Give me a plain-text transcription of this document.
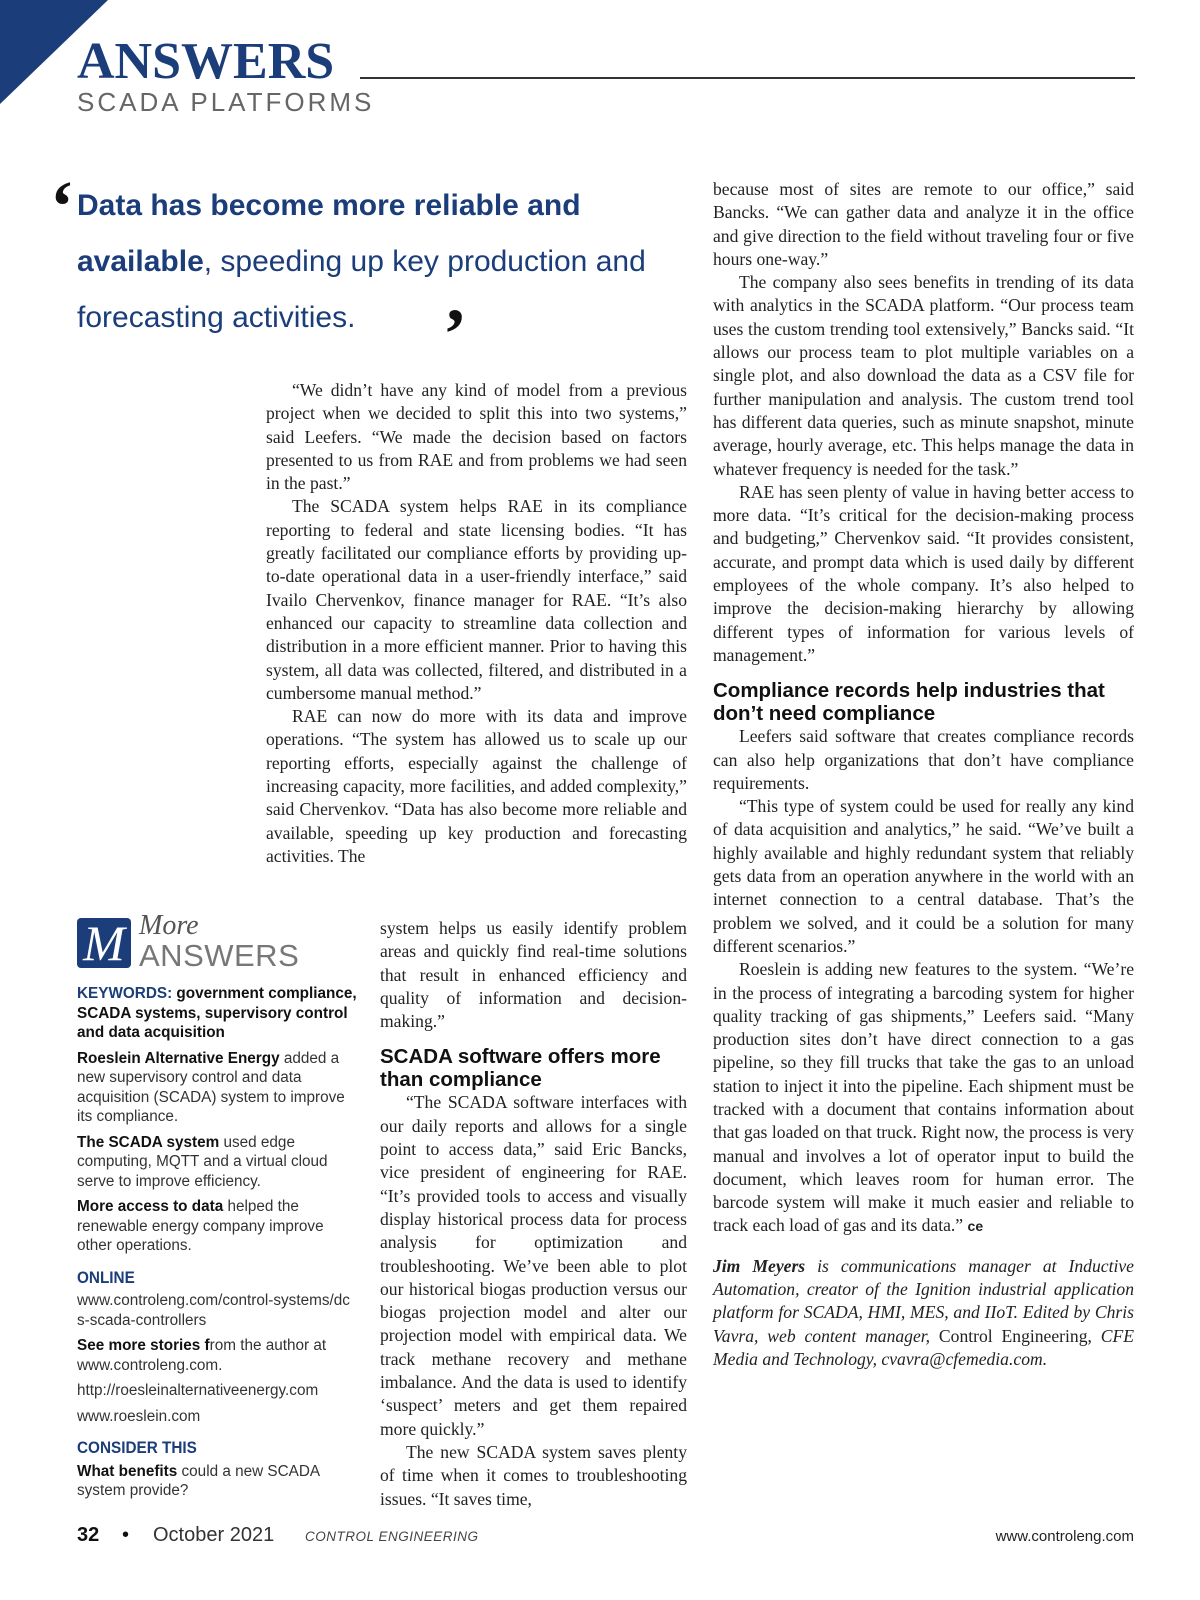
ANSWERS
SCADA PLATFORMS
‘ Data has become more reliable and available, speeding up key production and forecasting activities.	’

“We didn’t have any kind of model from a previous project when we decided to split this into two systems,” said Leefers. “We made the decision based on factors presented to us from RAE and from problems we had seen in the past.”

The SCADA system helps RAE in its compliance reporting to federal and state licensing bodies. “It has greatly facilitated our compliance efforts by providing up-to-date operational data in a user-friendly interface,” said Ivailo Chervenkov, finance manager for RAE. “It’s also enhanced our capacity to streamline data collection and distribution in a more efficient manner. Prior to having this system, all data was collected, filtered, and distributed in a cumbersome manual method.”

RAE can now do more with its data and improve operations. “The system has allowed us to scale up our reporting efforts, especially against the challenge of increasing capacity, more facilities, and added complexity,” said Chervenkov. “Data has also become more reliable and available, speeding up key production and forecasting activities. The

system helps us easily identify problem areas and quickly find real-time solutions that result in enhanced efficiency and quality of information and decision-making.”

SCADA software offers more than compliance

“The SCADA software interfaces with our daily reports and allows for a single point to access data,” said Eric Bancks, vice president of engineering for RAE. “It’s provided tools to access and visually display historical process data for process analysis for optimization and troubleshooting. We’ve been able to plot our historical biogas production versus our biogas projection model and alter our projection model with empirical data. We track methane recovery and methane imbalance. And the data is used to identify ‘suspect’ meters and get them repaired more quickly.”

The new SCADA system saves plenty of time when it comes to troubleshooting issues. “It saves time,

because most of sites are remote to our office,” said Bancks. “We can gather data and analyze it in the office and give direction to the field without traveling four or five hours one-way.”

The company also sees benefits in trending of its data with analytics in the SCADA platform. “Our process team uses the custom trending tool extensively,” Bancks said. “It allows our process team to plot multiple variables on a single plot, and also download the data as a CSV file for further manipulation and analysis. The custom trend tool has different data queries, such as minute snapshot, minute average, hourly average, etc. This helps manage the data in whatever frequency is needed for the task.”

RAE has seen plenty of value in having better access to more data. “It’s critical for the decision-making process and budgeting,” Chervenkov said. “It provides consistent, accurate, and prompt data which is used daily by different employees of the whole company. It’s also helped to improve the decision-making hierarchy by allowing different types of information for various levels of management.”

Compliance records help industries that don’t need compliance

Leefers said software that creates compliance records can also help organizations that don’t have compliance requirements.

“This type of system could be used for really any kind of data acquisition and analytics,” he said. “We’ve built a highly available and highly redundant system that reliably gets data from an operation anywhere in the world with an internet connection to a central database. That’s the problem we solved, and it could be a solution for many different scenarios.”

Roeslein is adding new features to the system. “We’re in the process of integrating a barcoding system for higher quality tracking of gas shipments,” Leefers said. “Many production sites don’t have direct connection to a gas pipeline, so they fill trucks that take the gas to an unload station to inject it into the pipeline. Each shipment must be tracked with a document that contains information about that gas loaded on that truck. Right now, the process is very manual and involves a lot of operator input to build the document, which leaves room for human error. The barcode system will make it much easier and reliable to track each load of gas and its data.” ce

Jim Meyers is communications manager at Inductive Automation, creator of the Ignition industrial application platform for SCADA, HMI, MES, and IIoT. Edited by Chris Vavra, web content manager, Control Engineering, CFE Media and Technology, cvavra@cfemedia.com.

M More
ANSWERS
KEYWORDS: government compliance, SCADA systems, supervisory control and data acquisition
Roeslein Alternative Energy added a new supervisory control and data acquisition (SCADA) system to improve its compliance.
The SCADA system used edge computing, MQTT and a virtual cloud serve to improve efficiency.
More access to data helped the renewable energy company improve other operations.
ONLINE
www.controleng.com/control-systems/dcs-scada-controllers
See more stories from the author at www.controleng.com.
http://roesleinalternativeenergy.com
www.roeslein.com
CONSIDER THIS
What benefits could a new SCADA system provide?
32 • October 2021 CONTROL ENGINEERING	www.controleng.com
